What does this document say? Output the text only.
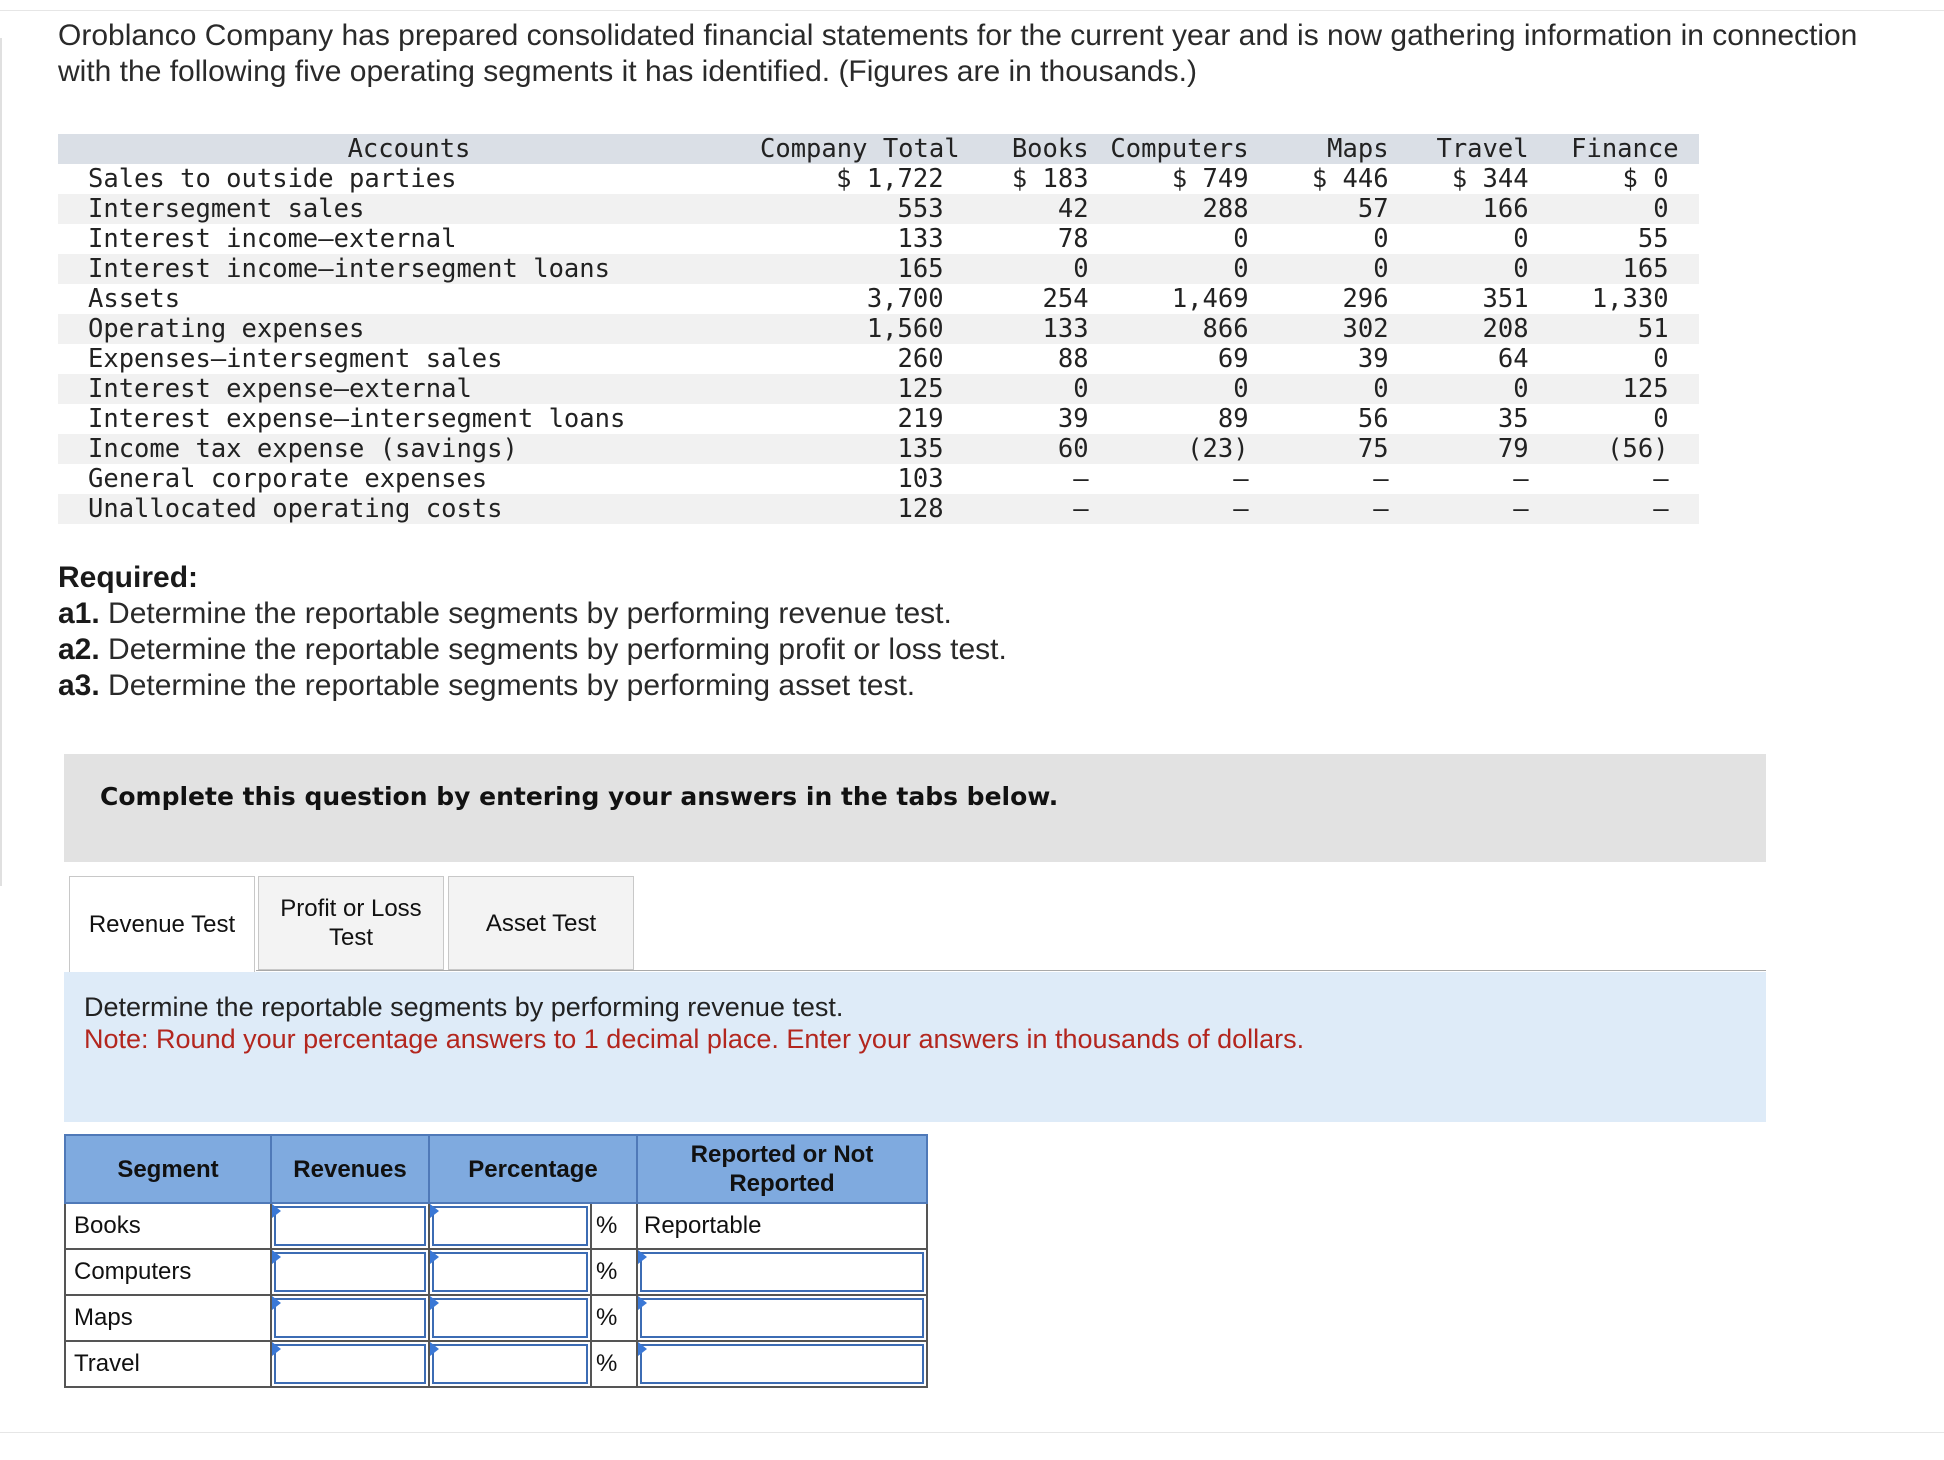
Oroblanco Company has prepared consolidated financial statements for the current year and is now gathering information in connection with the following five operating segments it has identified. (Figures are in thousands.)
Accounts	Company Total	Books	Computers	Maps	Travel	Finance
Sales to outside parties	$ 1,722	$ 183	$ 749	$ 446	$ 344	$ 0
Intersegment sales	553	42	288	57	166	0
Interest income—external	133	78	0	0	0	55
Interest income—intersegment loans	165	0	0	0	0	165
Assets	3,700	254	1,469	296	351	1,330
Operating expenses	1,560	133	866	302	208	51
Expenses—intersegment sales	260	88	69	39	64	0
Interest expense—external	125	0	0	0	0	125
Interest expense—intersegment loans	219	39	89	56	35	0
Income tax expense (savings)	135	60	(23)	75	79	(56)
General corporate expenses	103	–	–	–	–	–
Unallocated operating costs	128	–	–	–	–	–
Required:
a1. Determine the reportable segments by performing revenue test.
a2. Determine the reportable segments by performing profit or loss test.
a3. Determine the reportable segments by performing asset test.
Complete this question by entering your answers in the tabs below.
Revenue Test
Profit or Loss Test
Asset Test
Determine the reportable segments by performing revenue test.
Note: Round your percentage answers to 1 decimal place. Enter your answers in thousands of dollars.
Segment	Revenues	Percentage		Reported or Not Reported
Books			%	Reportable
Computers			%	

Maps			%	

Travel			%	
